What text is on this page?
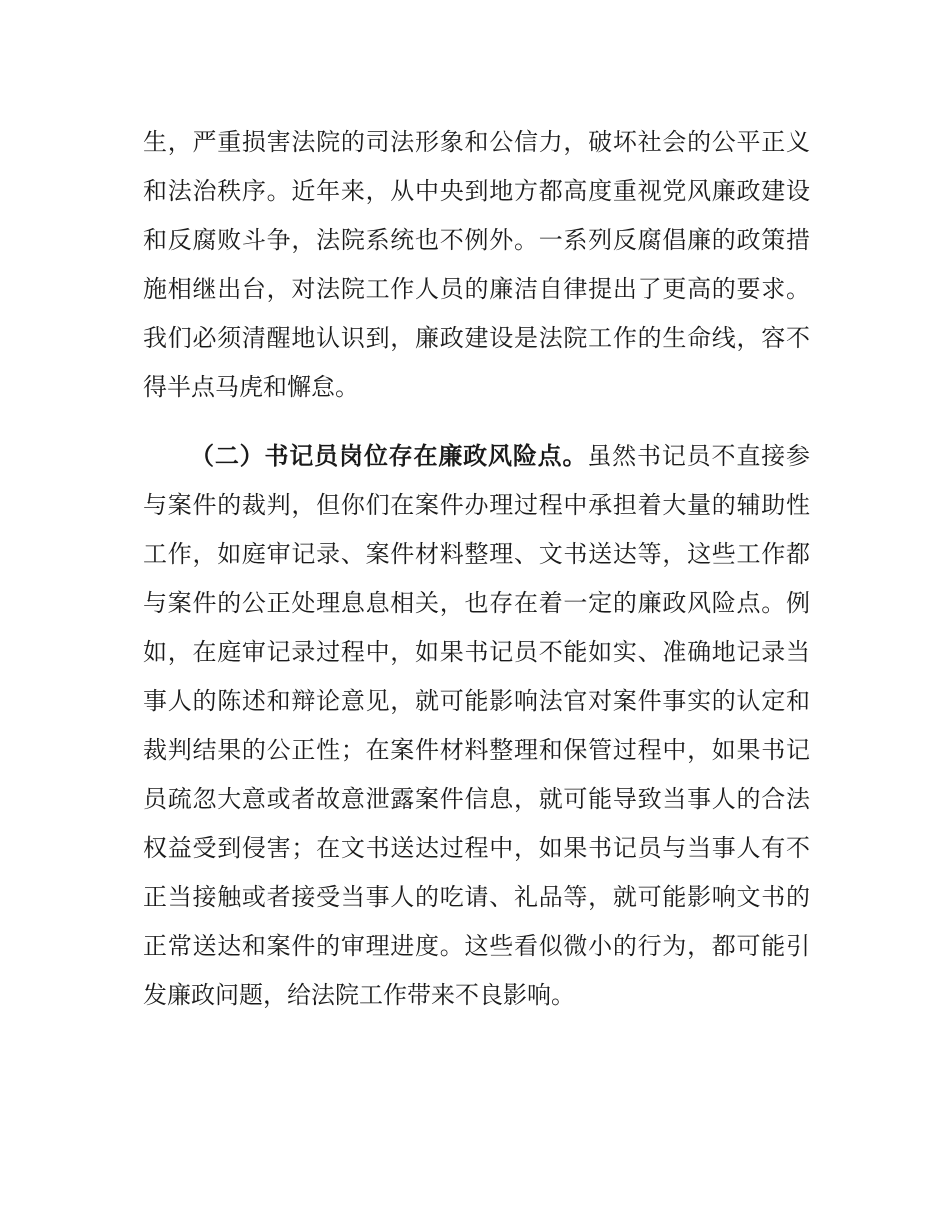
生，严重损害法院的司法形象和公信力，破坏社会的公平正义
和法治秩序。近年来，从中央到地方都高度重视党风廉政建设
和反腐败斗争，法院系统也不例外。一系列反腐倡廉的政策措
施相继出台，对法院工作人员的廉洁自律提出了更高的要求。
我们必须清醒地认识到，廉政建设是法院工作的生命线，容不
得半点马虎和懈怠。
（二）书记员岗位存在廉政风险点。虽然书记员不直接参
与案件的裁判，但你们在案件办理过程中承担着大量的辅助性
工作，如庭审记录、案件材料整理、文书送达等，这些工作都
与案件的公正处理息息相关，也存在着一定的廉政风险点。例
如，在庭审记录过程中，如果书记员不能如实、准确地记录当
事人的陈述和辩论意见，就可能影响法官对案件事实的认定和
裁判结果的公正性；在案件材料整理和保管过程中，如果书记
员疏忽大意或者故意泄露案件信息，就可能导致当事人的合法
权益受到侵害；在文书送达过程中，如果书记员与当事人有不
正当接触或者接受当事人的吃请、礼品等，就可能影响文书的
正常送达和案件的审理进度。这些看似微小的行为，都可能引
发廉政问题，给法院工作带来不良影响。
